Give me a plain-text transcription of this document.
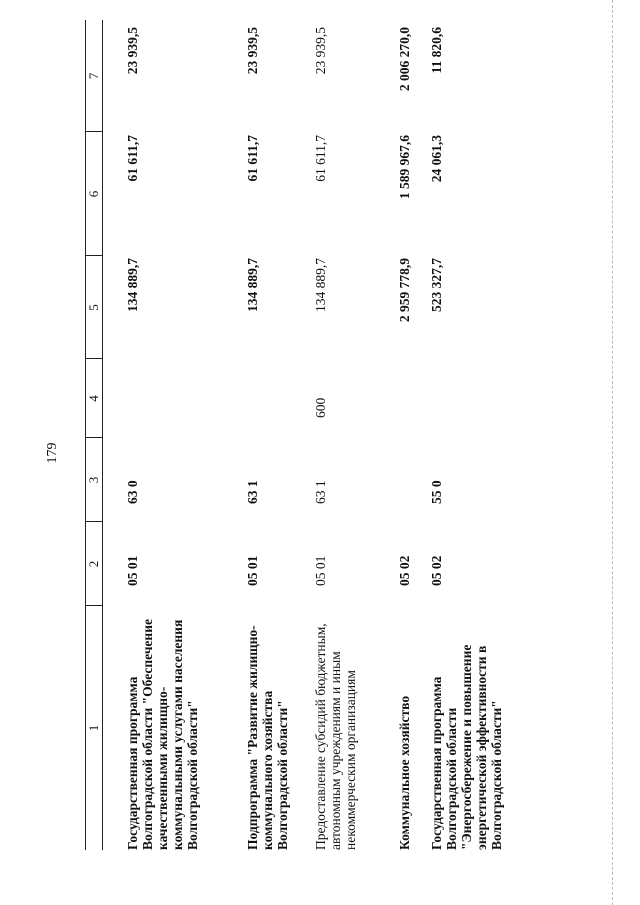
179
1
2
3
4
5
6
7
Государственная программа Волгоградской области "Обеспечение качественными жилищно-коммунальными услугами населения Волгоградской области"
05 01
63 0
134 889,7
61 611,7
23 939,5
Подпрограмма "Развитие жилищно-коммунального хозяйства Волгоградской области"
05 01
63 1
134 889,7
61 611,7
23 939,5
Предоставление субсидий бюджетным, автономным учреждениям и иным некоммерческим организациям
05 01
63 1
600
134 889,7
61 611,7
23 939,5
Коммунальное хозяйство
05 02
2 959 778,9
1 589 967,6
2 006 270,0
Государственная программа Волгоградской области "Энергосбережение и повышение энергетической эффективности в Волгоградской области"
05 02
55 0
523 327,7
24 061,3
11 820,6
